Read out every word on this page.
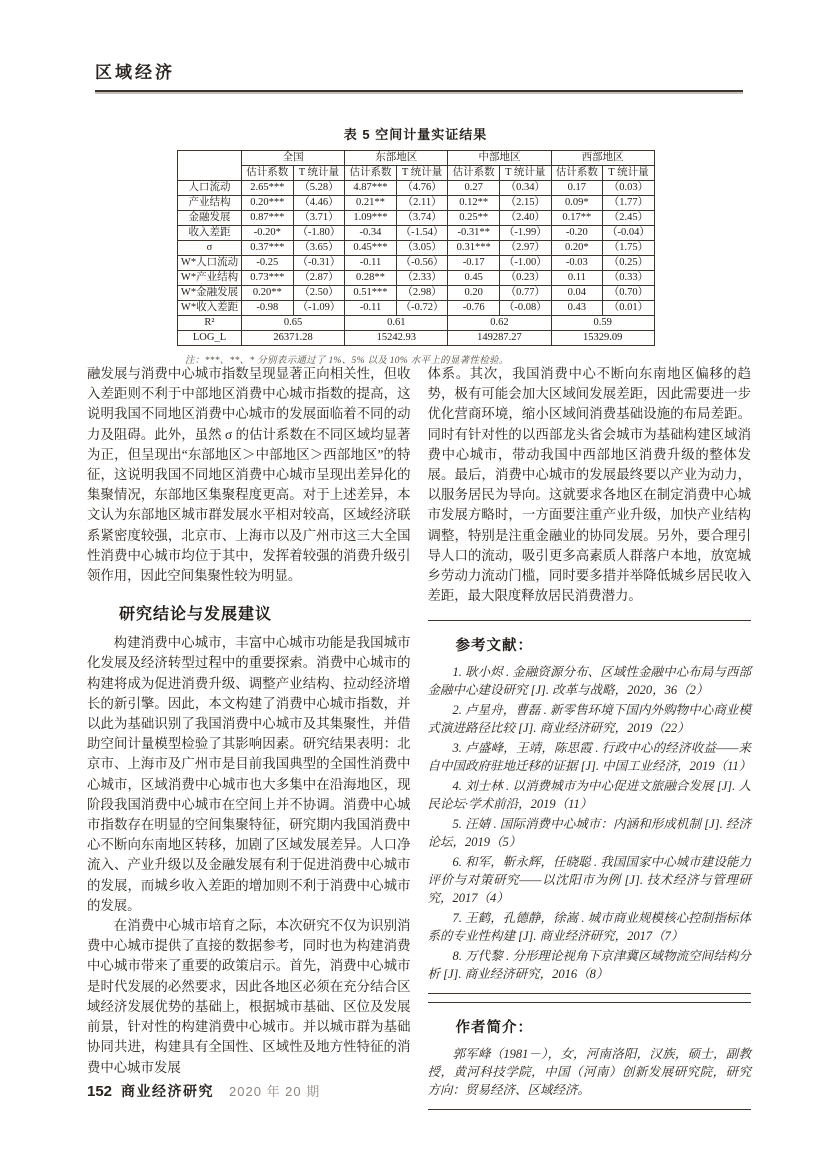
区域经济
表 5 空间计量实证结果
	全国		东部地区		中部地区		西部地区	
	估计系数	T 统计量	估计系数	T 统计量	估计系数	T 统计量	估计系数	T 统计量
人口流动	2.65***	（5.28）	4.87***	（4.76）	0.27	（0.34）	0.17	（0.03）
产业结构	0.20***	（4.46）	0.21**	（2.11）	0.12**	（2.15）	0.09*	（1.77）
金融发展	0.87***	（3.71）	1.09***	（3.74）	0.25**	（2.40）	0.17**	（2.45）
收入差距	-0.20*	（-1.80）	-0.34	（-1.54）	-0.31**	（-1.99）	-0.20	（-0.04）
σ	0.37***	（3.65）	0.45***	（3.05）	0.31***	（2.97）	0.20*	（1.75）
W*人口流动	-0.25	（-0.31）	-0.11	（-0.56）	-0.17	（-1.00）	-0.03	（0.25）
W*产业结构	0.73***	（2.87）	0.28**	（2.33）	0.45	（0.23）	0.11	（0.33）
W*金融发展	0.20**	（2.50）	0.51***	（2.98）	0.20	（0.77）	0.04	（0.70）
W*收入差距	-0.98	（-1.09）	-0.11	（-0.72）	-0.76	（-0.08）	0.43	（0.01）
R²	0.65		0.61		0.62		0.59	
LOG_L	26371.28		15242.93		149287.27		15329.09	
注：***、**、* 分别表示通过了 1%、5% 以及 10% 水平上的显著性检验。

融发展与消费中心城市指数呈现显著正向相关性，但收入差距则不利于中部地区消费中心城市指数的提高，这说明我国不同地区消费中心城市的发展面临着不同的动力及阻碍。此外，虽然 σ 的估计系数在不同区域均显著为正，但呈现出“东部地区＞中部地区＞西部地区”的特征，这说明我国不同地区消费中心城市呈现出差异化的集聚情况，东部地区集聚程度更高。对于上述差异，本文认为东部地区城市群发展水平相对较高，区域经济联系紧密度较强，北京市、上海市以及广州市这三大全国性消费中心城市均位于其中，发挥着较强的消费升级引领作用，因此空间集聚性较为明显。

研究结论与发展建议

构建消费中心城市，丰富中心城市功能是我国城市化发展及经济转型过程中的重要探索。消费中心城市的构建将成为促进消费升级、调整产业结构、拉动经济增长的新引擎。因此，本文构建了消费中心城市指数，并以此为基础识别了我国消费中心城市及其集聚性，并借助空间计量模型检验了其影响因素。研究结果表明：北京市、上海市及广州市是目前我国典型的全国性消费中心城市，区域消费中心城市也大多集中在沿海地区，现阶段我国消费中心城市在空间上并不协调。消费中心城市指数存在明显的空间集聚特征，研究期内我国消费中心不断向东南地区转移，加剧了区域发展差异。人口净流入、产业升级以及金融发展有利于促进消费中心城市的发展，而城乡收入差距的增加则不利于消费中心城市的发展。

在消费中心城市培育之际，本次研究不仅为识别消费中心城市提供了直接的数据参考，同时也为构建消费中心城市带来了重要的政策启示。首先，消费中心城市是时代发展的必然要求，因此各地区必须在充分结合区域经济发展优势的基础上，根据城市基础、区位及发展前景，针对性的构建消费中心城市。并以城市群为基础协同共进，构建具有全国性、区域性及地方性特征的消费中心城市发展

体系。其次，我国消费中心不断向东南地区偏移的趋势，极有可能会加大区域间发展差距，因此需要进一步优化营商环境，缩小区域间消费基础设施的布局差距。同时有针对性的以西部龙头省会城市为基础构建区域消费中心城市，带动我国中西部地区消费升级的整体发展。最后，消费中心城市的发展最终要以产业为动力，以服务居民为导向。这就要求各地区在制定消费中心城市发展方略时，一方面要注重产业升级，加快产业结构调整，特别是注重金融业的协同发展。另外，要合理引导人口的流动，吸引更多高素质人群落户本地，放宽城乡劳动力流动门槛，同时要多措并举降低城乡居民收入差距，最大限度释放居民消费潜力。

参考文献：

1. 耿小烬 . 金融资源分布、区域性金融中心布局与西部金融中心建设研究 [J]. 改革与战略，2020，36（2）

2. 卢星舟，曹磊 . 新零售环境下国内外购物中心商业模式演进路径比较 [J]. 商业经济研究，2019（22）

3. 卢盛峰，王靖，陈思霞 . 行政中心的经济收益——来自中国政府驻地迁移的证据 [J]. 中国工业经济，2019（11）

4. 刘士林 . 以消费城市为中心促进文旅融合发展 [J]. 人民论坛·学术前沿，2019（11）

5. 汪婧 . 国际消费中心城市：内涵和形成机制 [J]. 经济论坛，2019（5）

6. 和军，靳永辉，任晓聪 . 我国国家中心城市建设能力评价与对策研究——以沈阳市为例 [J]. 技术经济与管理研究，2017（4）

7. 王鹤，孔德静，徐嵩 . 城市商业规模核心控制指标体系的专业性构建 [J]. 商业经济研究，2017（7）

8. 万代黎 . 分形理论视角下京津冀区域物流空间结构分析 [J]. 商业经济研究，2016（8）

作者简介：

郭军峰（1981－），女，河南洛阳，汉族，硕士，副教授，黄河科技学院，中国（河南）创新发展研究院，研究方向：贸易经济、区域经济。

152 商业经济研究 2020 年 20 期
